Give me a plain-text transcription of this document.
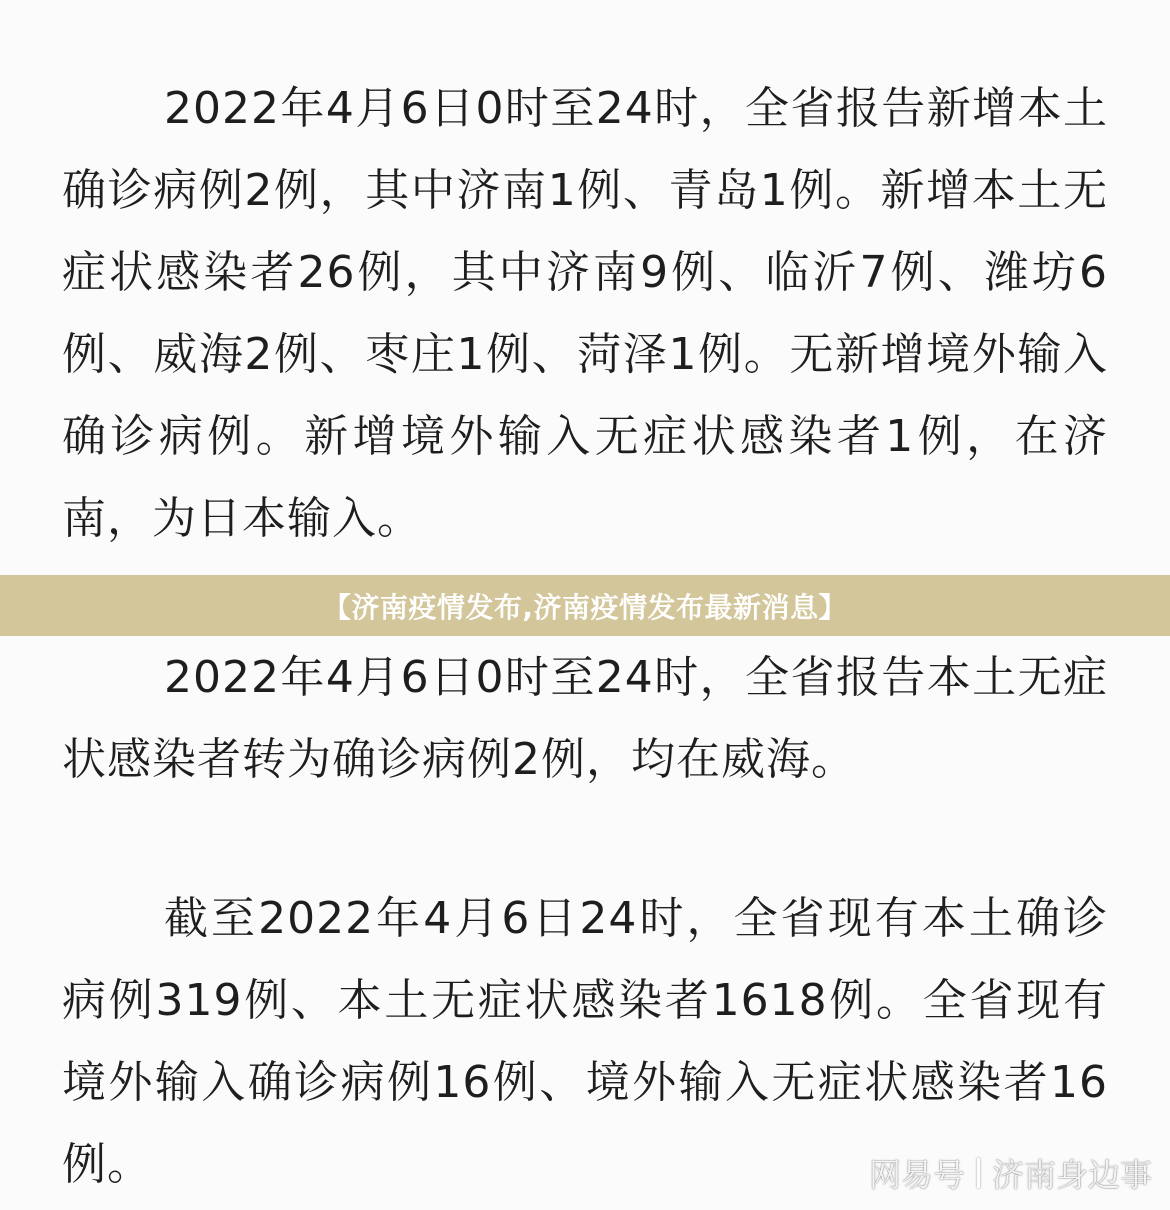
2022年4月6日0时至24时，全省报告新增本土确诊病例2例，其中济南1例、青岛1例。新增本土无症状感染者26例，其中济南9例、临沂7例、潍坊6例、威海2例、枣庄1例、菏泽1例。无新增境外输入确诊病例。新增境外输入无症状感染者1例，在济南，为日本输入。

【济南疫情发布,济南疫情发布最新消息】

2022年4月6日0时至24时，全省报告本土无症状感染者转为确诊病例2例，均在威海。

截至2022年4月6日24时，全省现有本土确诊病例319例、本土无症状感染者1618例。全省现有境外输入确诊病例16例、境外输入无症状感染者16例。	网易号 济南身边事
